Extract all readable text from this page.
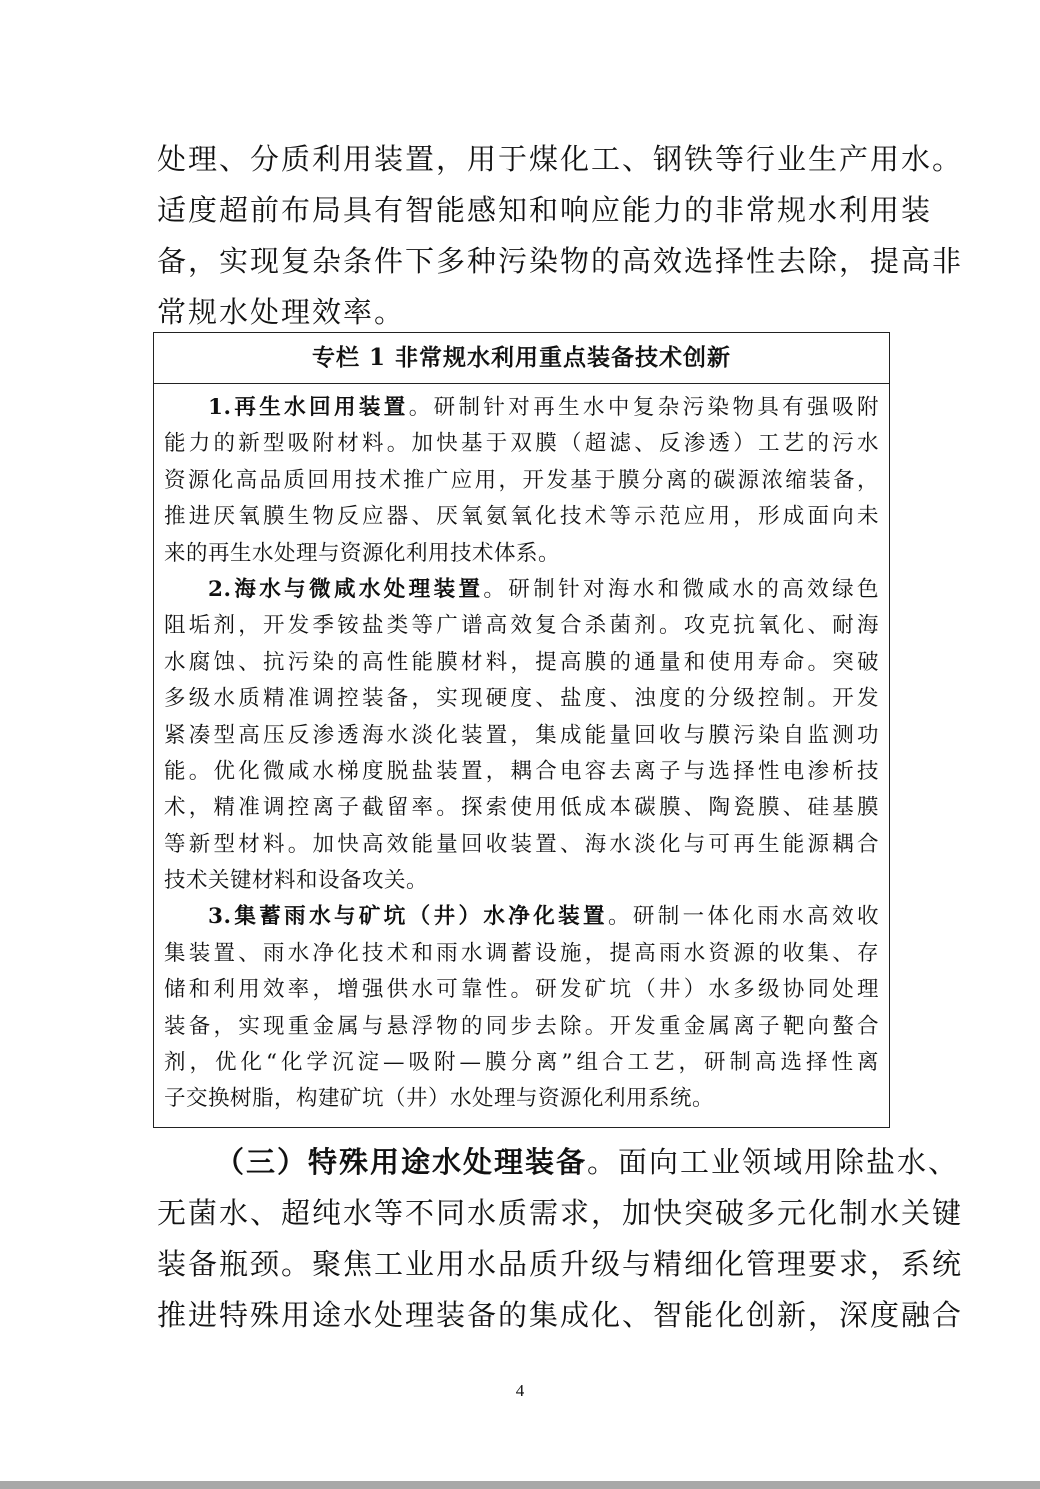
处理、分质利用装置，用于煤化工、钢铁等行业生产用水。
适度超前布局具有智能感知和响应能力的非常规水利用装
备，实现复杂条件下多种污染物的高效选择性去除，提高非
常规水处理效率。
专栏 1 非常规水利用重点装备技术创新
1.再生水回用装置。研制针对再生水中复杂污染物具有强吸附
能力的新型吸附材料。加快基于双膜（超滤、反渗透）工艺的污水
资源化高品质回用技术推广应用，开发基于膜分离的碳源浓缩装备，
推进厌氧膜生物反应器、厌氧氨氧化技术等示范应用，形成面向未
来的再生水处理与资源化利用技术体系。
2.海水与微咸水处理装置。研制针对海水和微咸水的高效绿色
阻垢剂，开发季铵盐类等广谱高效复合杀菌剂。攻克抗氧化、耐海
水腐蚀、抗污染的高性能膜材料，提高膜的通量和使用寿命。突破
多级水质精准调控装备，实现硬度、盐度、浊度的分级控制。开发
紧凑型高压反渗透海水淡化装置，集成能量回收与膜污染自监测功
能。优化微咸水梯度脱盐装置，耦合电容去离子与选择性电渗析技
术，精准调控离子截留率。探索使用低成本碳膜、陶瓷膜、硅基膜
等新型材料。加快高效能量回收装置、海水淡化与可再生能源耦合
技术关键材料和设备攻关。
3.集蓄雨水与矿坑（井）水净化装置。研制一体化雨水高效收
集装置、雨水净化技术和雨水调蓄设施，提高雨水资源的收集、存
储和利用效率，增强供水可靠性。研发矿坑（井）水多级协同处理
装备，实现重金属与悬浮物的同步去除。开发重金属离子靶向螯合
剂，优化“化学沉淀—吸附—膜分离”组合工艺，研制高选择性离
子交换树脂，构建矿坑（井）水处理与资源化利用系统。
（三）特殊用途水处理装备。面向工业领域用除盐水、
无菌水、超纯水等不同水质需求，加快突破多元化制水关键
装备瓶颈。聚焦工业用水品质升级与精细化管理要求，系统
推进特殊用途水处理装备的集成化、智能化创新，深度融合
4
